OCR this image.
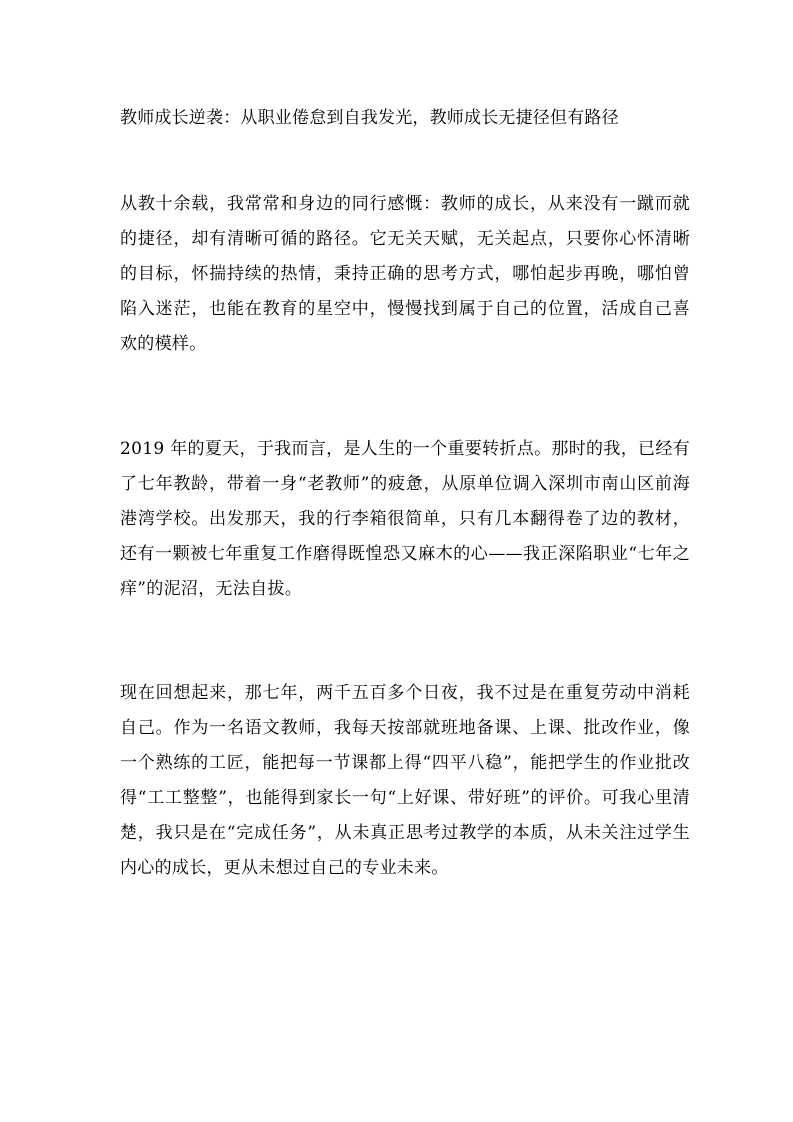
教师成长逆袭：从职业倦怠到自我发光，教师成长无捷径但有路径
从教十余载，我常常和身边的同行感慨：教师的成长，从来没有一蹴而就的捷径，却有清晰可循的路径。它无关天赋，无关起点，只要你心怀清晰的目标，怀揣持续的热情，秉持正确的思考方式，哪怕起步再晚，哪怕曾陷入迷茫，也能在教育的星空中，慢慢找到属于自己的位置，活成自己喜欢的模样。
2019 年的夏天，于我而言，是人生的一个重要转折点。那时的我，已经有了七年教龄，带着一身“老教师”的疲惫，从原单位调入深圳市南山区前海港湾学校。出发那天，我的行李箱很简单，只有几本翻得卷了边的教材，还有一颗被七年重复工作磨得既惶恐又麻木的心——我正深陷职业“七年之痒”的泥沼，无法自拔。
现在回想起来，那七年，两千五百多个日夜，我不过是在重复劳动中消耗自己。作为一名语文教师，我每天按部就班地备课、上课、批改作业，像一个熟练的工匠，能把每一节课都上得“四平八稳”，能把学生的作业批改得“工工整整”，也能得到家长一句“上好课、带好班”的评价。可我心里清楚，我只是在“完成任务”，从未真正思考过教学的本质，从未关注过学生内心的成长，更从未想过自己的专业未来。
